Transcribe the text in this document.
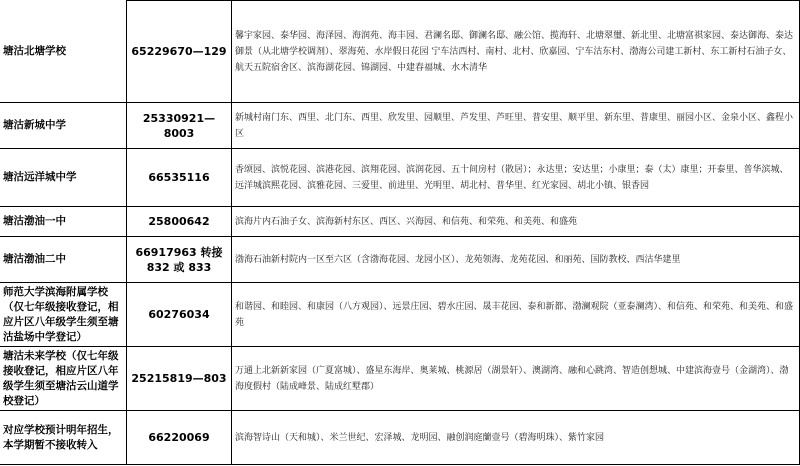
塘沽北塘学校	65229670—129	馨宇家园、泰华园、海泽园、海润苑、海丰园、君澜名邸、御澜名邸、融公馆、揽海轩、北塘翠璽、新北里、北塘富祺家园、泰达御海、泰达御景（从北塘学校调剂）、翠海苑、水岸假日花园 宁车沽西村、南村、北村、欣嘉园、宁车沽东村、渤海公司建工新村、东工新村石油子女、航天五院宿舍区、滨海湖花园、锦湖园、中建春福城、水木清华
塘沽新城中学	25330921—8003	新城村南门东、西里、北门东、西里、欣发里、园顺里、芦发里、芦旺里、普安里、顺平里、新东里、普康里、丽园小区、金泉小区、鑫程小区
塘沽远洋城中学	66535116	香颂园、滨悦花园、滨港花园、滨翔花园、滨润花园、五十间房村（散居）；永达里；安达里；小康里；泰（太）康里；开泰里、普华滨城、远洋城滨熙花园、滨雅花园、三爱里、前进里、光明里、胡北村、普华里、红光家园、胡北小镇、银香园
塘沽渤油一中	25800642	滨海片内石油子女、滨海新村东区、西区、兴海园、和信苑、和荣苑、和美苑、和盛苑
塘沽渤油二中	66917963 转接 832 或 833	渤海石油新村院内一区至六区（含渤海花园、龙园小区）、龙苑领海、龙苑花园、和丽苑、国防教校、西沽华建里
师范大学滨海附属学校（仅七年级接收登记，相应片区八年级学生须至塘沽盐场中学登记）	60276034	和谐园、和睦园、和康园（八方观园）、远景庄园、碧水庄园、晟丰花园、泰和新都、渤澜观院（亚泰澜湾）、和信苑、和荣苑、和美苑、和盛苑
塘沽未来学校（仅七年级接收登记，相应片区八年级学生须至塘沽云山道学校登记）	25215819—803	万通上北新新家园（广夏富城）、盛星东海岸、奥莱城、桃源居（湖景轩）、澳湖湾、融和心跳湾、智造创想城、中建滨海壹号（金湖湾）、渤海度假村（陆成峰景、陆成红墅郡）
对应学校预计明年招生，本学期暂不接收转入	66220069	滨海智诗山（天和城）、米兰世纪、宏泽城、龙明园、融创润庭蘭壹号（碧海明珠）、紫竹家园
